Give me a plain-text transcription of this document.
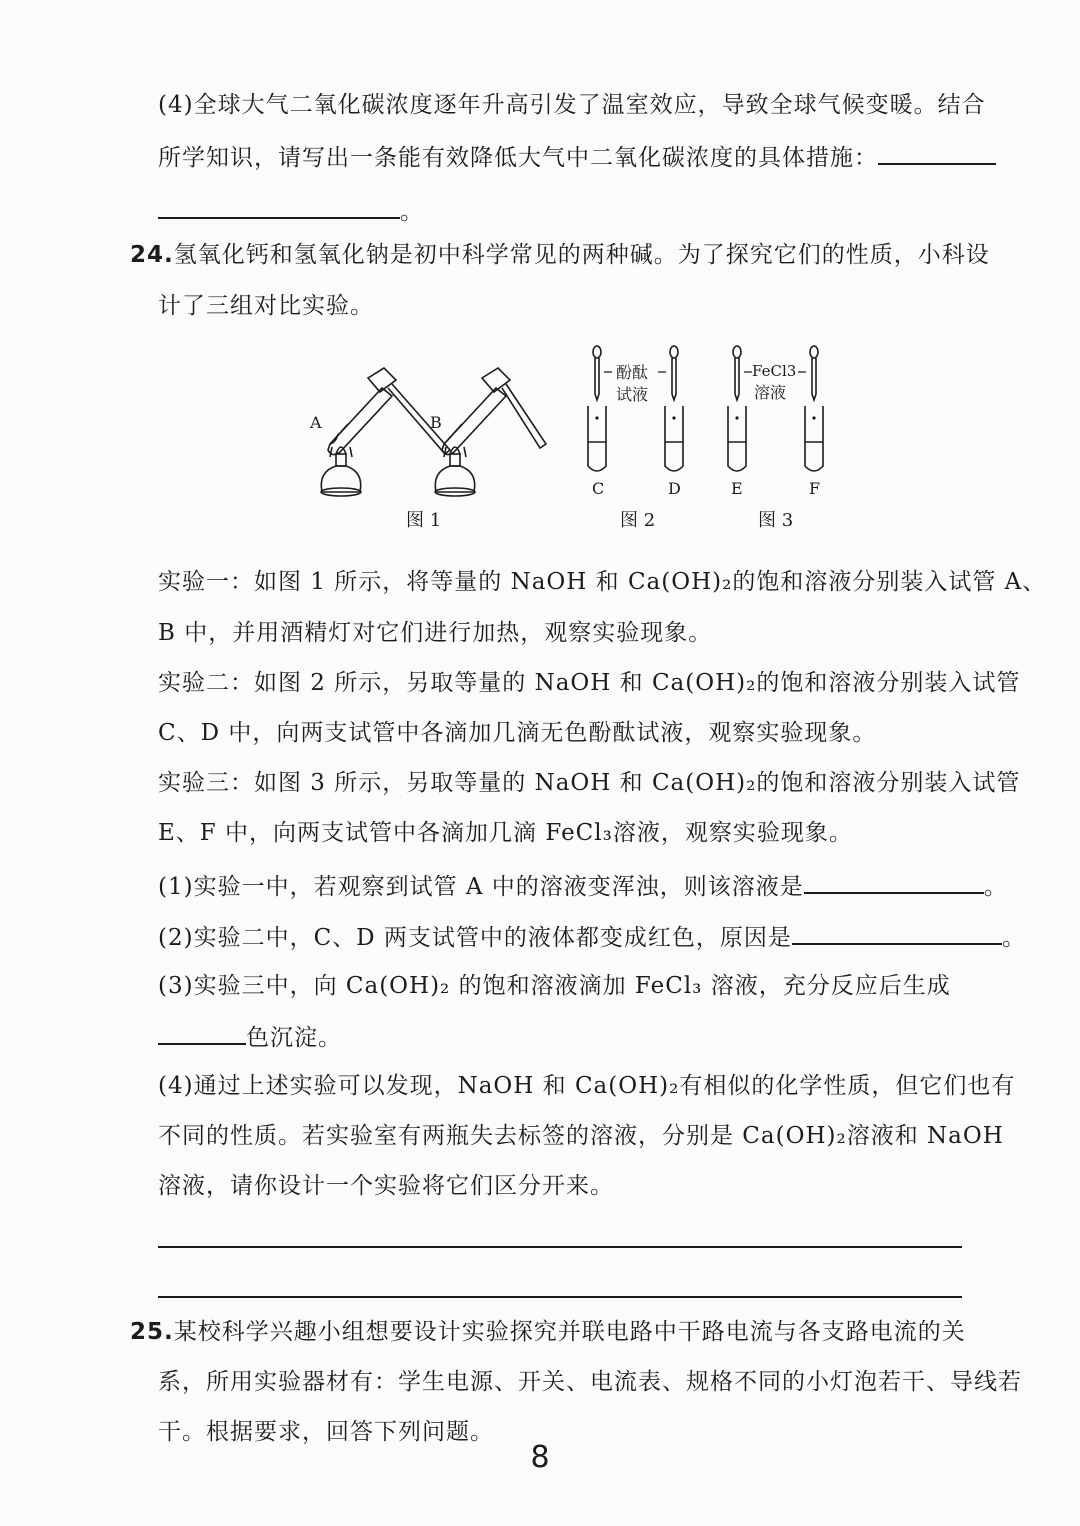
(4)全球大气二氧化碳浓度逐年升高引发了温室效应，导致全球气候变暖。结合
所学知识，请写出一条能有效降低大气中二氧化碳浓度的具体措施：
。
24.氢氧化钙和氢氧化钠是初中科学常见的两种碱。为了探究它们的性质，小科设
计了三组对比实验。
A	B
C	D	E	F
酚酞
试液
FeCl3
溶液
图 1	图 2	图 3
实验一：如图 1 所示，将等量的 NaOH 和 Ca(OH)₂的饱和溶液分别装入试管 A、
B 中，并用酒精灯对它们进行加热，观察实验现象。
实验二：如图 2 所示，另取等量的 NaOH 和 Ca(OH)₂的饱和溶液分别装入试管
C、D 中，向两支试管中各滴加几滴无色酚酞试液，观察实验现象。
实验三：如图 3 所示，另取等量的 NaOH 和 Ca(OH)₂的饱和溶液分别装入试管
E、F 中，向两支试管中各滴加几滴 FeCl₃溶液，观察实验现象。
(1)实验一中，若观察到试管 A 中的溶液变浑浊，则该溶液是	。
(2)实验二中，C、D 两支试管中的液体都变成红色，原因是	。
(3)实验三中，向 Ca(OH)₂ 的饱和溶液滴加 FeCl₃ 溶液，充分反应后生成
色沉淀。
(4)通过上述实验可以发现，NaOH 和 Ca(OH)₂有相似的化学性质，但它们也有
不同的性质。若实验室有两瓶失去标签的溶液，分别是 Ca(OH)₂溶液和 NaOH
溶液，请你设计一个实验将它们区分开来。
25.某校科学兴趣小组想要设计实验探究并联电路中干路电流与各支路电流的关
系，所用实验器材有：学生电源、开关、电流表、规格不同的小灯泡若干、导线若
干。根据要求，回答下列问题。
8
